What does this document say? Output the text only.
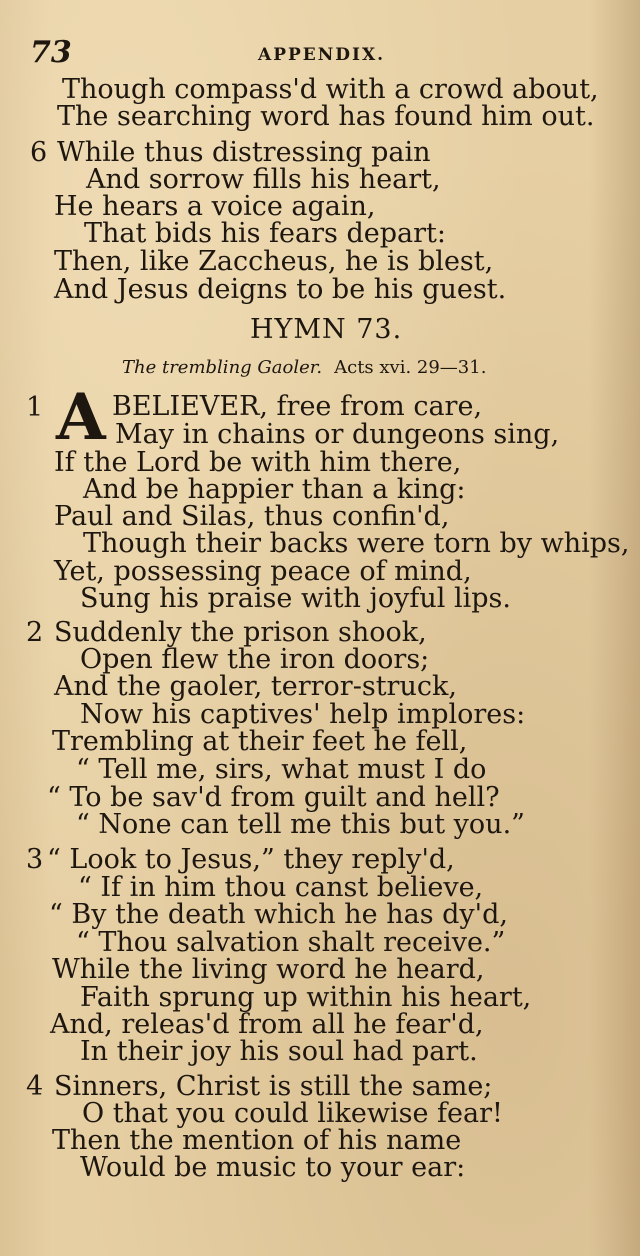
73	APPENDIX.
Though compass'd with a crowd about,
The searching word has found him out.
6 While thus distressing pain
And sorrow fills his heart,
He hears a voice again,
That bids his fears depart:
Then, like Zaccheus, he is blest,
And Jesus deigns to be his guest.
HYMN 73.
The trembling Gaoler. Acts xvi. 29—31.
1 A BELIEVER, free from care,
May in chains or dungeons sing,
If the Lord be with him there,
And be happier than a king:
Paul and Silas, thus confin'd,
Though their backs were torn by whips,
Yet, possessing peace of mind,
Sung his praise with joyful lips.
2 Suddenly the prison shook,
Open flew the iron doors;
And the gaoler, terror-struck,
Now his captives' help implores:
Trembling at their feet he fell,
“ Tell me, sirs, what must I do
“ To be sav'd from guilt and hell?
“ None can tell me this but you.”
3 “ Look to Jesus,” they reply'd,
“ If in him thou canst believe,
“ By the death which he has dy'd,
“ Thou salvation shalt receive.”
While the living word he heard,
Faith sprung up within his heart,
And, releas'd from all he fear'd,
In their joy his soul had part.
4 Sinners, Christ is still the same;
O that you could likewise fear!
Then the mention of his name
Would be music to your ear:
